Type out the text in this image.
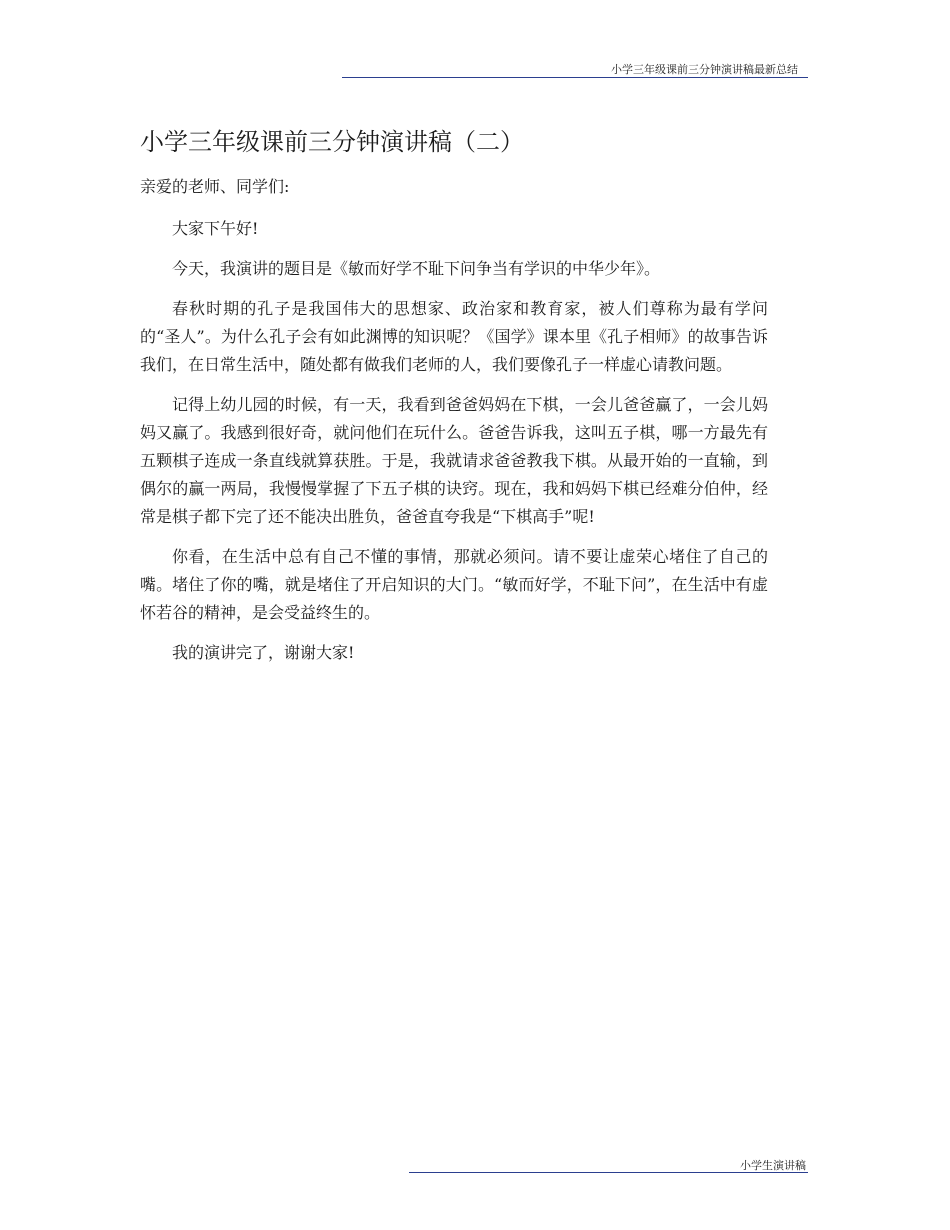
小学三年级课前三分钟演讲稿最新总结
小学三年级课前三分钟演讲稿（二）

亲爱的老师、同学们:

大家下午好!

今天，我演讲的题目是《敏而好学不耻下问争当有学识的中华少年》。

春秋时期的孔子是我国伟大的思想家、政治家和教育家，被人们尊称为最有学问的“圣人”。为什么孔子会有如此渊博的知识呢？《国学》课本里《孔子相师》的故事告诉我们，在日常生活中，随处都有做我们老师的人，我们要像孔子一样虚心请教问题。

记得上幼儿园的时候，有一天，我看到爸爸妈妈在下棋，一会儿爸爸赢了，一会儿妈妈又赢了。我感到很好奇，就问他们在玩什么。爸爸告诉我，这叫五子棋，哪一方最先有五颗棋子连成一条直线就算获胜。于是，我就请求爸爸教我下棋。从最开始的一直输，到偶尔的赢一两局，我慢慢掌握了下五子棋的诀窍。现在，我和妈妈下棋已经难分伯仲，经常是棋子都下完了还不能决出胜负，爸爸直夸我是“下棋高手”呢!

你看，在生活中总有自己不懂的事情，那就必须问。请不要让虚荣心堵住了自己的嘴。堵住了你的嘴，就是堵住了开启知识的大门。“敏而好学，不耻下问”，在生活中有虚怀若谷的精神，是会受益终生的。

我的演讲完了，谢谢大家!

小学生演讲稿
